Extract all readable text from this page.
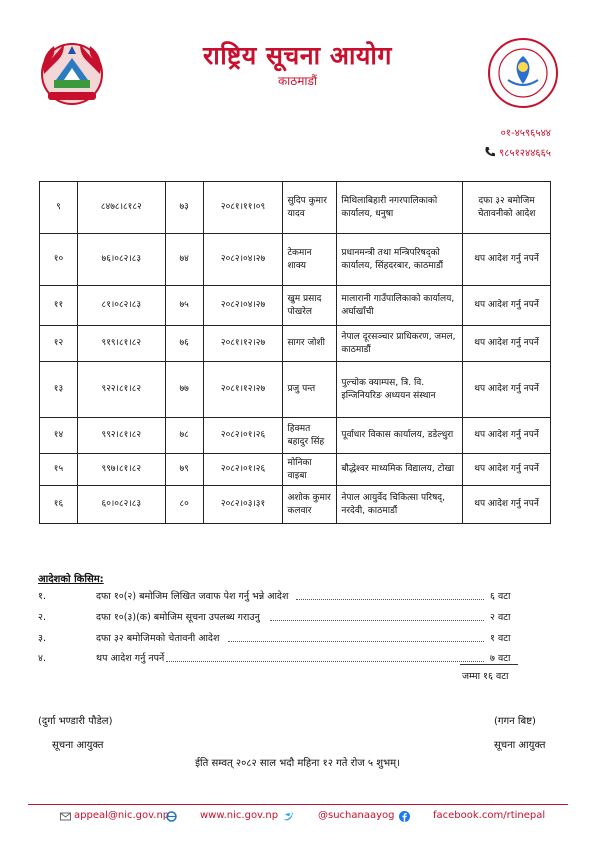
राष्ट्रिय सूचना आयोग
काठमाडौं
०१-४५९६५४४
९८५१२४४६६५
९	८४७८।८१८२	७३	२०८१।११।०९	सुदिप कुमार यादव	मिथिलाबिहारी नगरपालिकाको कार्यालय, धनुषा	दफा ३२ बमोजिम चेतावनीको आदेश
१०	७६।०८२।८३	७४	२०८२।०४।२७	टेकमान शाक्य	प्रधानमन्त्री तथा मन्त्रिपरिषद्को कार्यालय, सिंहदरबार, काठमाडौं	थप आदेश गर्नु नपर्ने
११	८१।०८२।८३	७५	२०८२।०४।२७	खुम प्रसाद पोखरेल	मालारानी गाउँपालिकाको कार्यालय, अर्घाखाँची	थप आदेश गर्नु नपर्ने
१२	९१९।८१।८२	७६	२०८१।१२।२७	सागर जोशी	नेपाल दूरसञ्चार प्राधिकरण, जमल, काठमाडौं	थप आदेश गर्नु नपर्ने
१३	९२२।८१।८२	७७	२०८१।१२।२७	प्रजु पन्त	पुल्चोक क्याम्पस, त्रि. वि. इन्जिनियरिङ अध्ययन संस्थान	थप आदेश गर्नु नपर्ने
१४	९९२।८१।८२	७८	२०८२।०१।२६	हिक्मत बहादुर सिंह	पूर्वाधार विकास कार्यालय, डडेल्धुरा	थप आदेश गर्नु नपर्ने
१५	९९७।८१।८२	७९	२०८२।०१।२६	मोनिका वाइबा	बौद्धेश्वर माध्यमिक विद्यालय, टोखा	थप आदेश गर्नु नपर्ने
१६	६०।०८२।८३	८०	२०८२।०३।३१	अशोक कुमार कलवार	नेपाल आयुर्वेद चिकित्सा परिषद्, नरदेवी, काठमाडौं	थप आदेश गर्नु नपर्ने
आदेशको किसिम:
१.	दफा १०(२) बमोजिम लिखित जवाफ पेश गर्नु भन्ने आदेश	६ वटा
२.	दफा १०(३)(क) बमोजिम सूचना उपलब्ध गराउनु	२ वटा
३.	दफा ३२ बमोजिमको चेतावनी आदेश	१ वटा
४.	थप आदेश गर्नु नपर्ने	७ वटा
जम्मा १६ वटा
(दुर्गा भण्डारी पौडेल)
सूचना आयुक्त
(गगन बिष्ट)
सूचना आयुक्त
ईति सम्वत् २०८२ साल भदौ महिना १२ गते रोज ५ शुभम्।
appeal@nic.gov.np	www.nic.gov.np	@suchanaayog	facebook.com/rtinepal
